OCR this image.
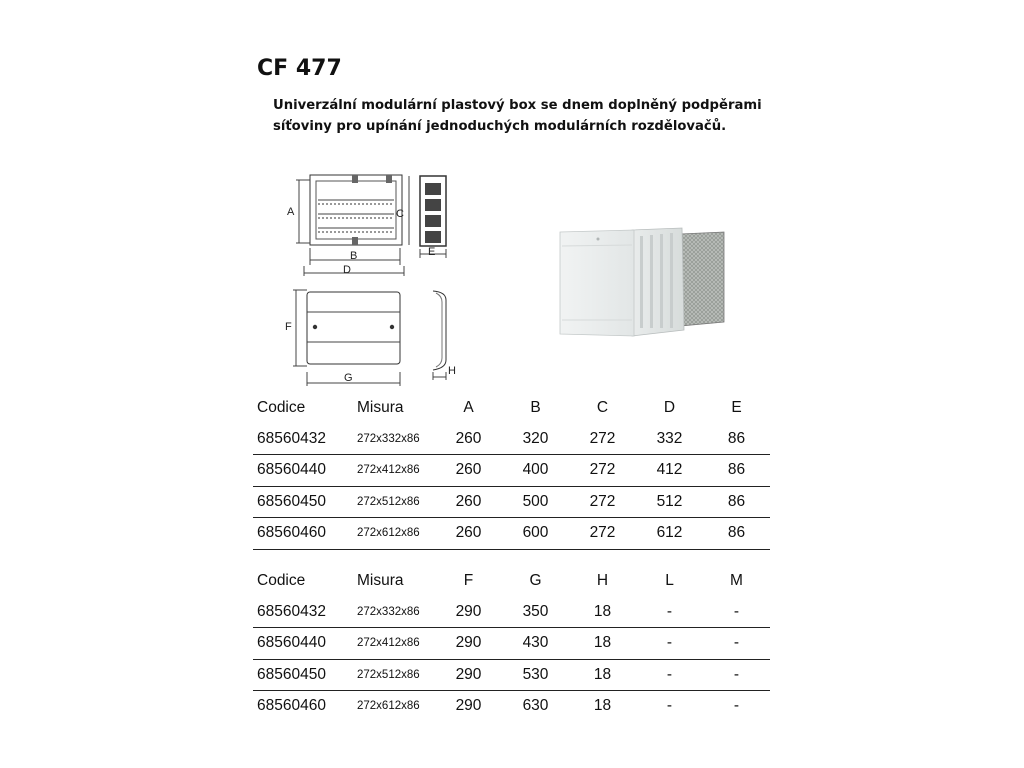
CF 477
Univerzální modulární plastový box se dnem doplněný podpěrami
síťoviny pro upínání jednoduchých modulárních rozdělovačů.
A	C
B
D
E
F
G
H
Codice	Misura	A	B	C	D	E
68560432	272x332x86	260	320	272	332	86
68560440	272x412x86	260	400	272	412	86
68560450	272x512x86	260	500	272	512	86
68560460	272x612x86	260	600	272	612	86
Codice	Misura	F	G	H	L	M
68560432	272x332x86	290	350	18	-	-
68560440	272x412x86	290	430	18	-	-
68560450	272x512x86	290	530	18	-	-
68560460	272x612x86	290	630	18	-	-
